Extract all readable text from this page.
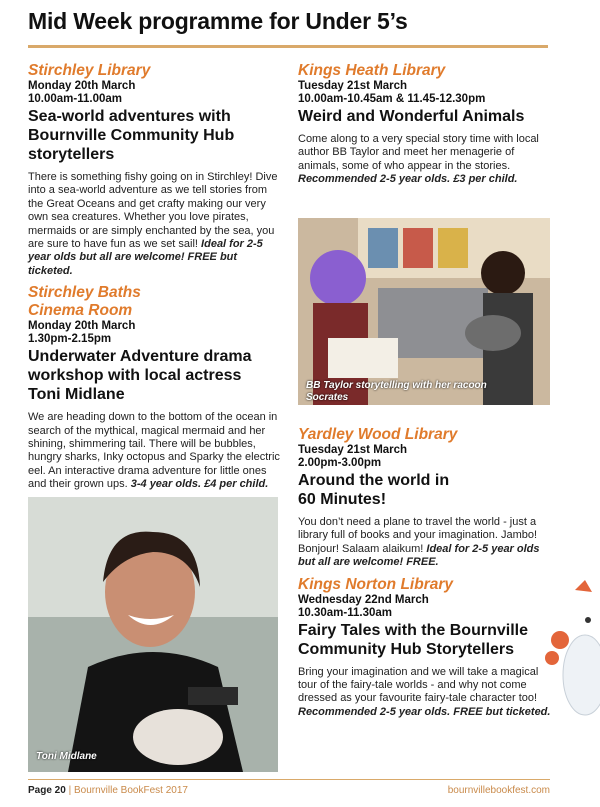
Mid Week programme for Under 5’s
Stirchley Library
Monday 20th March
10.00am-11.00am
Sea-world adventures with Bournville Community Hub storytellers
There is something fishy going on in Stirchley! Dive into a sea-world adventure as we tell stories from the Great Oceans and get crafty making our very own sea creatures. Whether you love pirates, mermaids or are simply enchanted by the sea, you are sure to have fun as we set sail! Ideal for 2-5 year olds but all are welcome! FREE but ticketed.
Stirchley Baths Cinema Room
Monday 20th March
1.30pm-2.15pm
Underwater Adventure drama workshop with local actress Toni Midlane
We are heading down to the bottom of the ocean in search of the mythical, magical mermaid and her shining, shimmering tail. There will be bubbles, hungry sharks, Inky octopus and Sparky the electric eel. An interactive drama adventure for little ones and their grown ups. 3-4 year olds. £4 per child.
Toni Midlane
Kings Heath Library
Tuesday 21st March
10.00am-10.45am & 11.45-12.30pm
Weird and Wonderful Animals
Come along to a very special story time with local author BB Taylor and meet her menagerie of animals, some of who appear in the stories. Recommended 2-5 year olds. £3 per child.
BB Taylor storytelling with her racoon Socrates
Yardley Wood Library
Tuesday 21st March
2.00pm-3.00pm
Around the world in 60 Minutes!
You don’t need a plane to travel the world - just a library full of books and your imagination. Jambo! Bonjour! Salaam alaikum! Ideal for 2-5 year olds but all are welcome! FREE.
Kings Norton Library
Wednesday 22nd March
10.30am-11.30am
Fairy Tales with the Bournville Community Hub Storytellers
Bring your imagination and we will take a magical tour of the fairy-tale worlds - and why not come dressed as your favourite fairy-tale character too! Recommended 2-5 year olds. FREE but ticketed.
Page 20 | Bournville BookFest 2017	bournvillebookfest.com
